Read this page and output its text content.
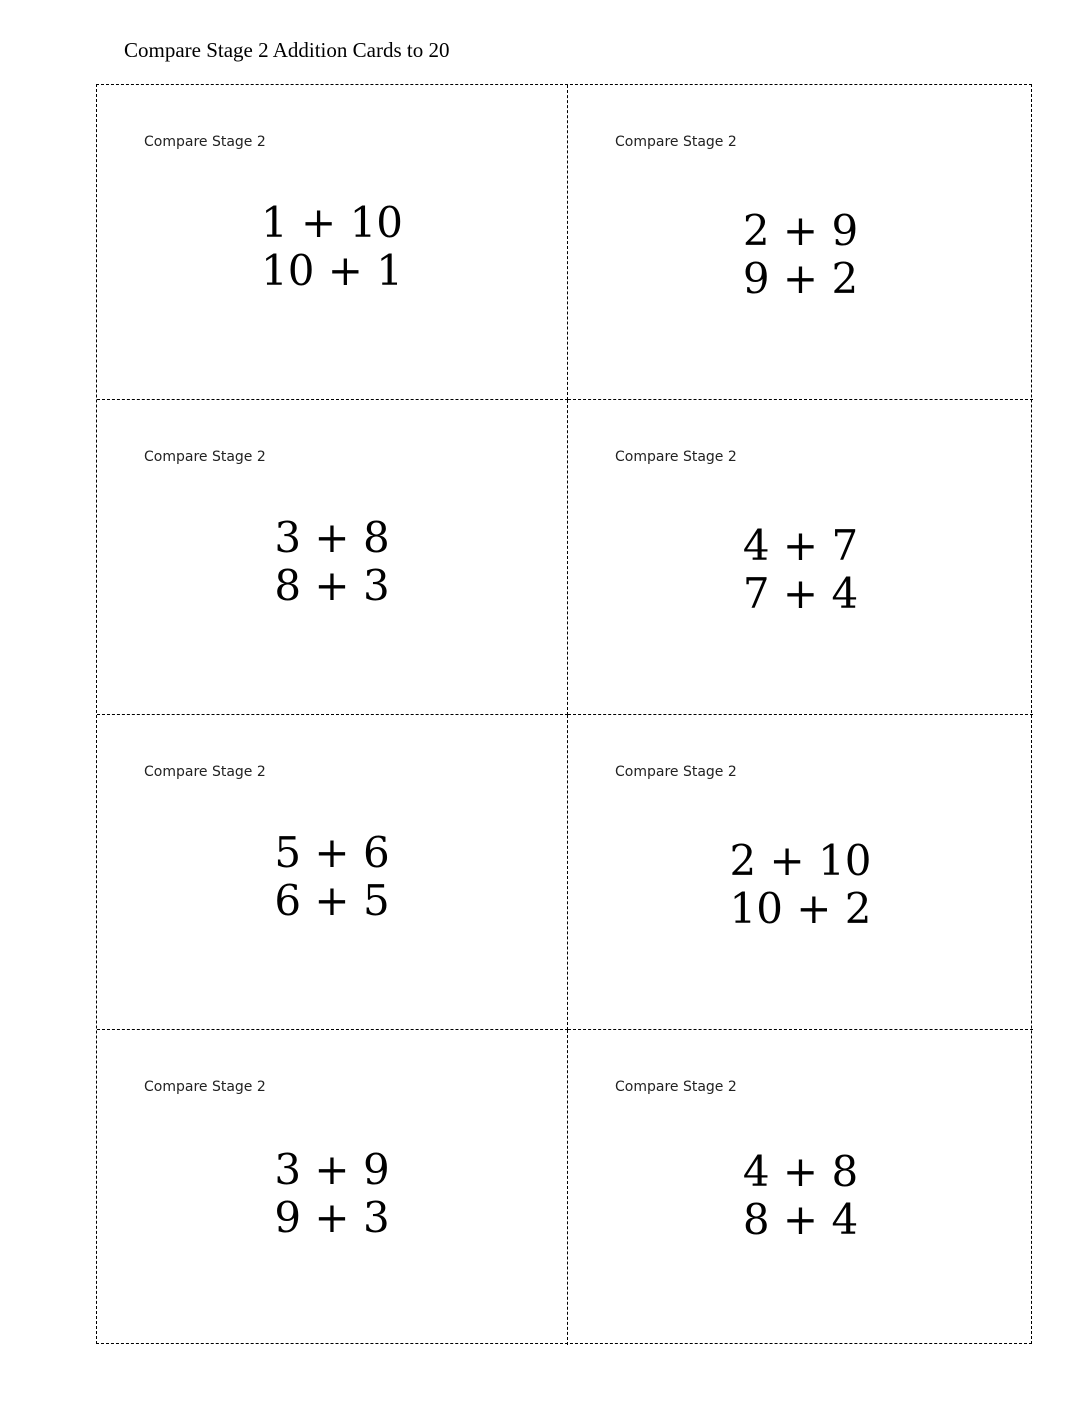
Compare Stage 2 Addition Cards to 20
Compare Stage 2
1 + 10
10 + 1
Compare Stage 2
2 + 9
9 + 2
Compare Stage 2
3 + 8
8 + 3
Compare Stage 2
4 + 7
7 + 4
Compare Stage 2
5 + 6
6 + 5
Compare Stage 2
2 + 10
10 + 2
Compare Stage 2
3 + 9
9 + 3
Compare Stage 2
4 + 8
8 + 4
